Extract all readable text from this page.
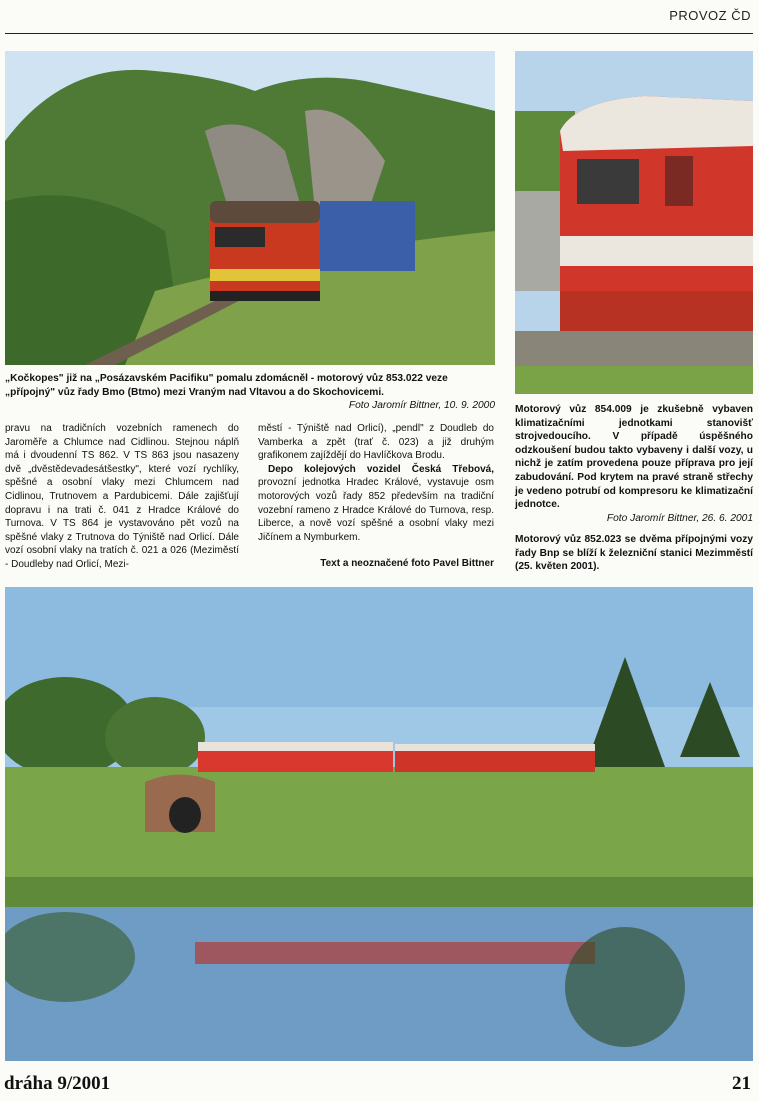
PROVOZ ČD
„Kočkopes" již na „Posázavském Pacifiku" pomalu zdomácněl - motorový vůz 853.022 veze „přípojný" vůz řady Bmo (Btmo) mezi Vraným nad Vltavou a do Skochovicemi.
Foto Jaromír Bittner, 10. 9. 2000 Motorový vůz 854.009 je zkušebně vybaven klimatizačními jednotkami stanovišť strojvedoucího. V případě úspěšného odzkoušení budou takto vybaveny i další vozy, u nichž je zatím provedena pouze příprava pro její zabudování. Pod krytem na pravé straně střechy je vedeno potrubí od kompresoru ke klimatizační jednotce.
Foto Jaromír Bittner, 26. 6. 2001
Motorový vůz 852.023 se dvěma přípojnými vozy řady Bnp se blíží k železniční stanici Mezimměstí (25. květen 2001).

pravu na tradičních vozebních ramenech do Jaroměře a Chlumce nad Cidlinou. Stejnou náplň má i dvoudenní TS 862. V TS 863 jsou nasazeny dvě „dvěstědevadesátšestky", které vozí rychlíky, spěšné a osobní vlaky mezi Chlumcem nad Cidlinou, Trutnovem a Pardubicemi. Dále zajišťují dopravu i na trati č. 041 z Hradce Králové do Turnova. V TS 864 je vystavováno pět vozů na spěšné vlaky z Trutnova do Týniště nad Orlicí. Dále vozí osobní vlaky na tratích č. 021 a 026 (Meziměstí - Doudleby nad Orlicí, Mezi-

městí - Týniště nad Orlicí), „pendl" z Doudleb do Vamberka a zpět (trať č. 023) a již druhým grafikonem zajíždějí do Havlíčkova Brodu.

Depo kolejových vozidel Česká Třebová, provozní jednotka Hradec Králové, vystavuje osm motorových vozů řady 852 především na tradiční vozební rameno z Hradce Králové do Turnova, resp. Liberce, a nově vozí spěšné a osobní vlaky mezi Jičínem a Nymburkem.

Text a neoznačené foto Pavel Bittner
dráha 9/2001	21
